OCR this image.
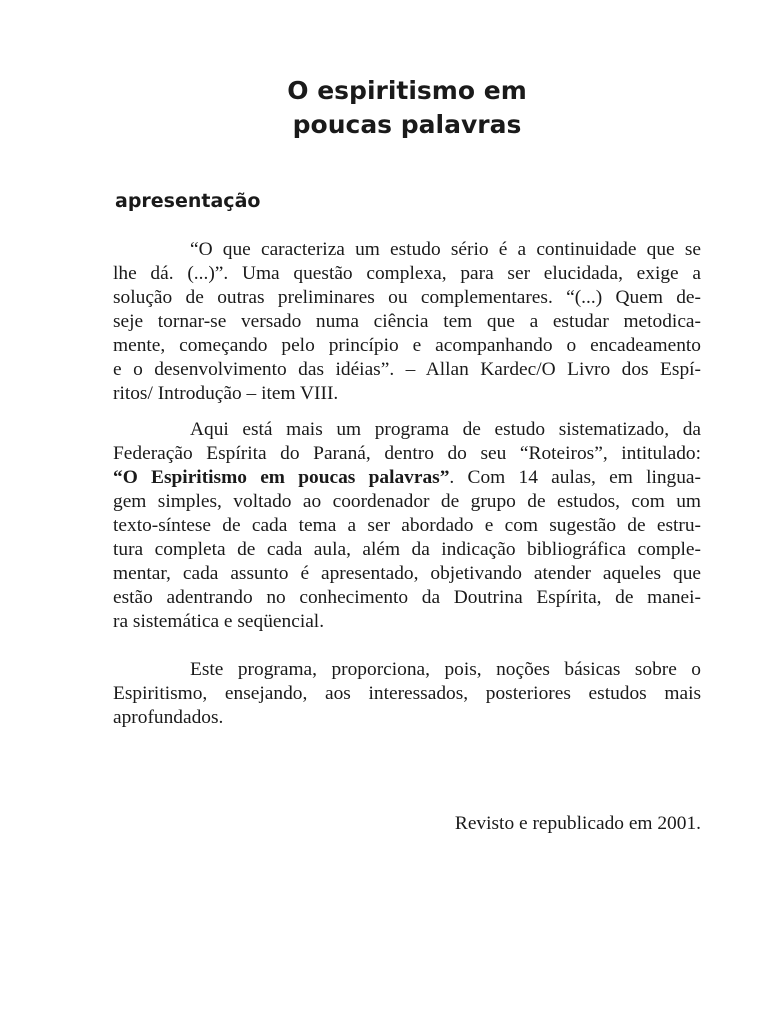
O espiritismo em
poucas palavras
apresentação

“O que caracteriza um estudo sério é a continuidade que se
lhe dá. (...)”. Uma questão complexa, para ser elucidada, exige a
solução de outras preliminares ou complementares. “(...) Quem de-
seje tornar-se versado numa ciência tem que a estudar metodica-
mente, começando pelo princípio e acompanhando o encadeamento
e o desenvolvimento das idéias”. – Allan Kardec/O Livro dos Espí-
ritos/ Introdução – item VIII.

Aqui está mais um programa de estudo sistematizado, da
Federação Espírita do Paraná, dentro do seu “Roteiros”, intitulado:
“O Espiritismo em poucas palavras”. Com 14 aulas, em lingua-
gem simples, voltado ao coordenador de grupo de estudos, com um
texto-síntese de cada tema a ser abordado e com sugestão de estru-
tura completa de cada aula, além da indicação bibliográfica comple-
mentar, cada assunto é apresentado, objetivando atender aqueles que
estão adentrando no conhecimento da Doutrina Espírita, de manei-
ra sistemática e seqüencial.

Este programa, proporciona, pois, noções básicas sobre o
Espiritismo, ensejando, aos interessados, posteriores estudos mais
aprofundados.

Revisto e republicado em 2001.
